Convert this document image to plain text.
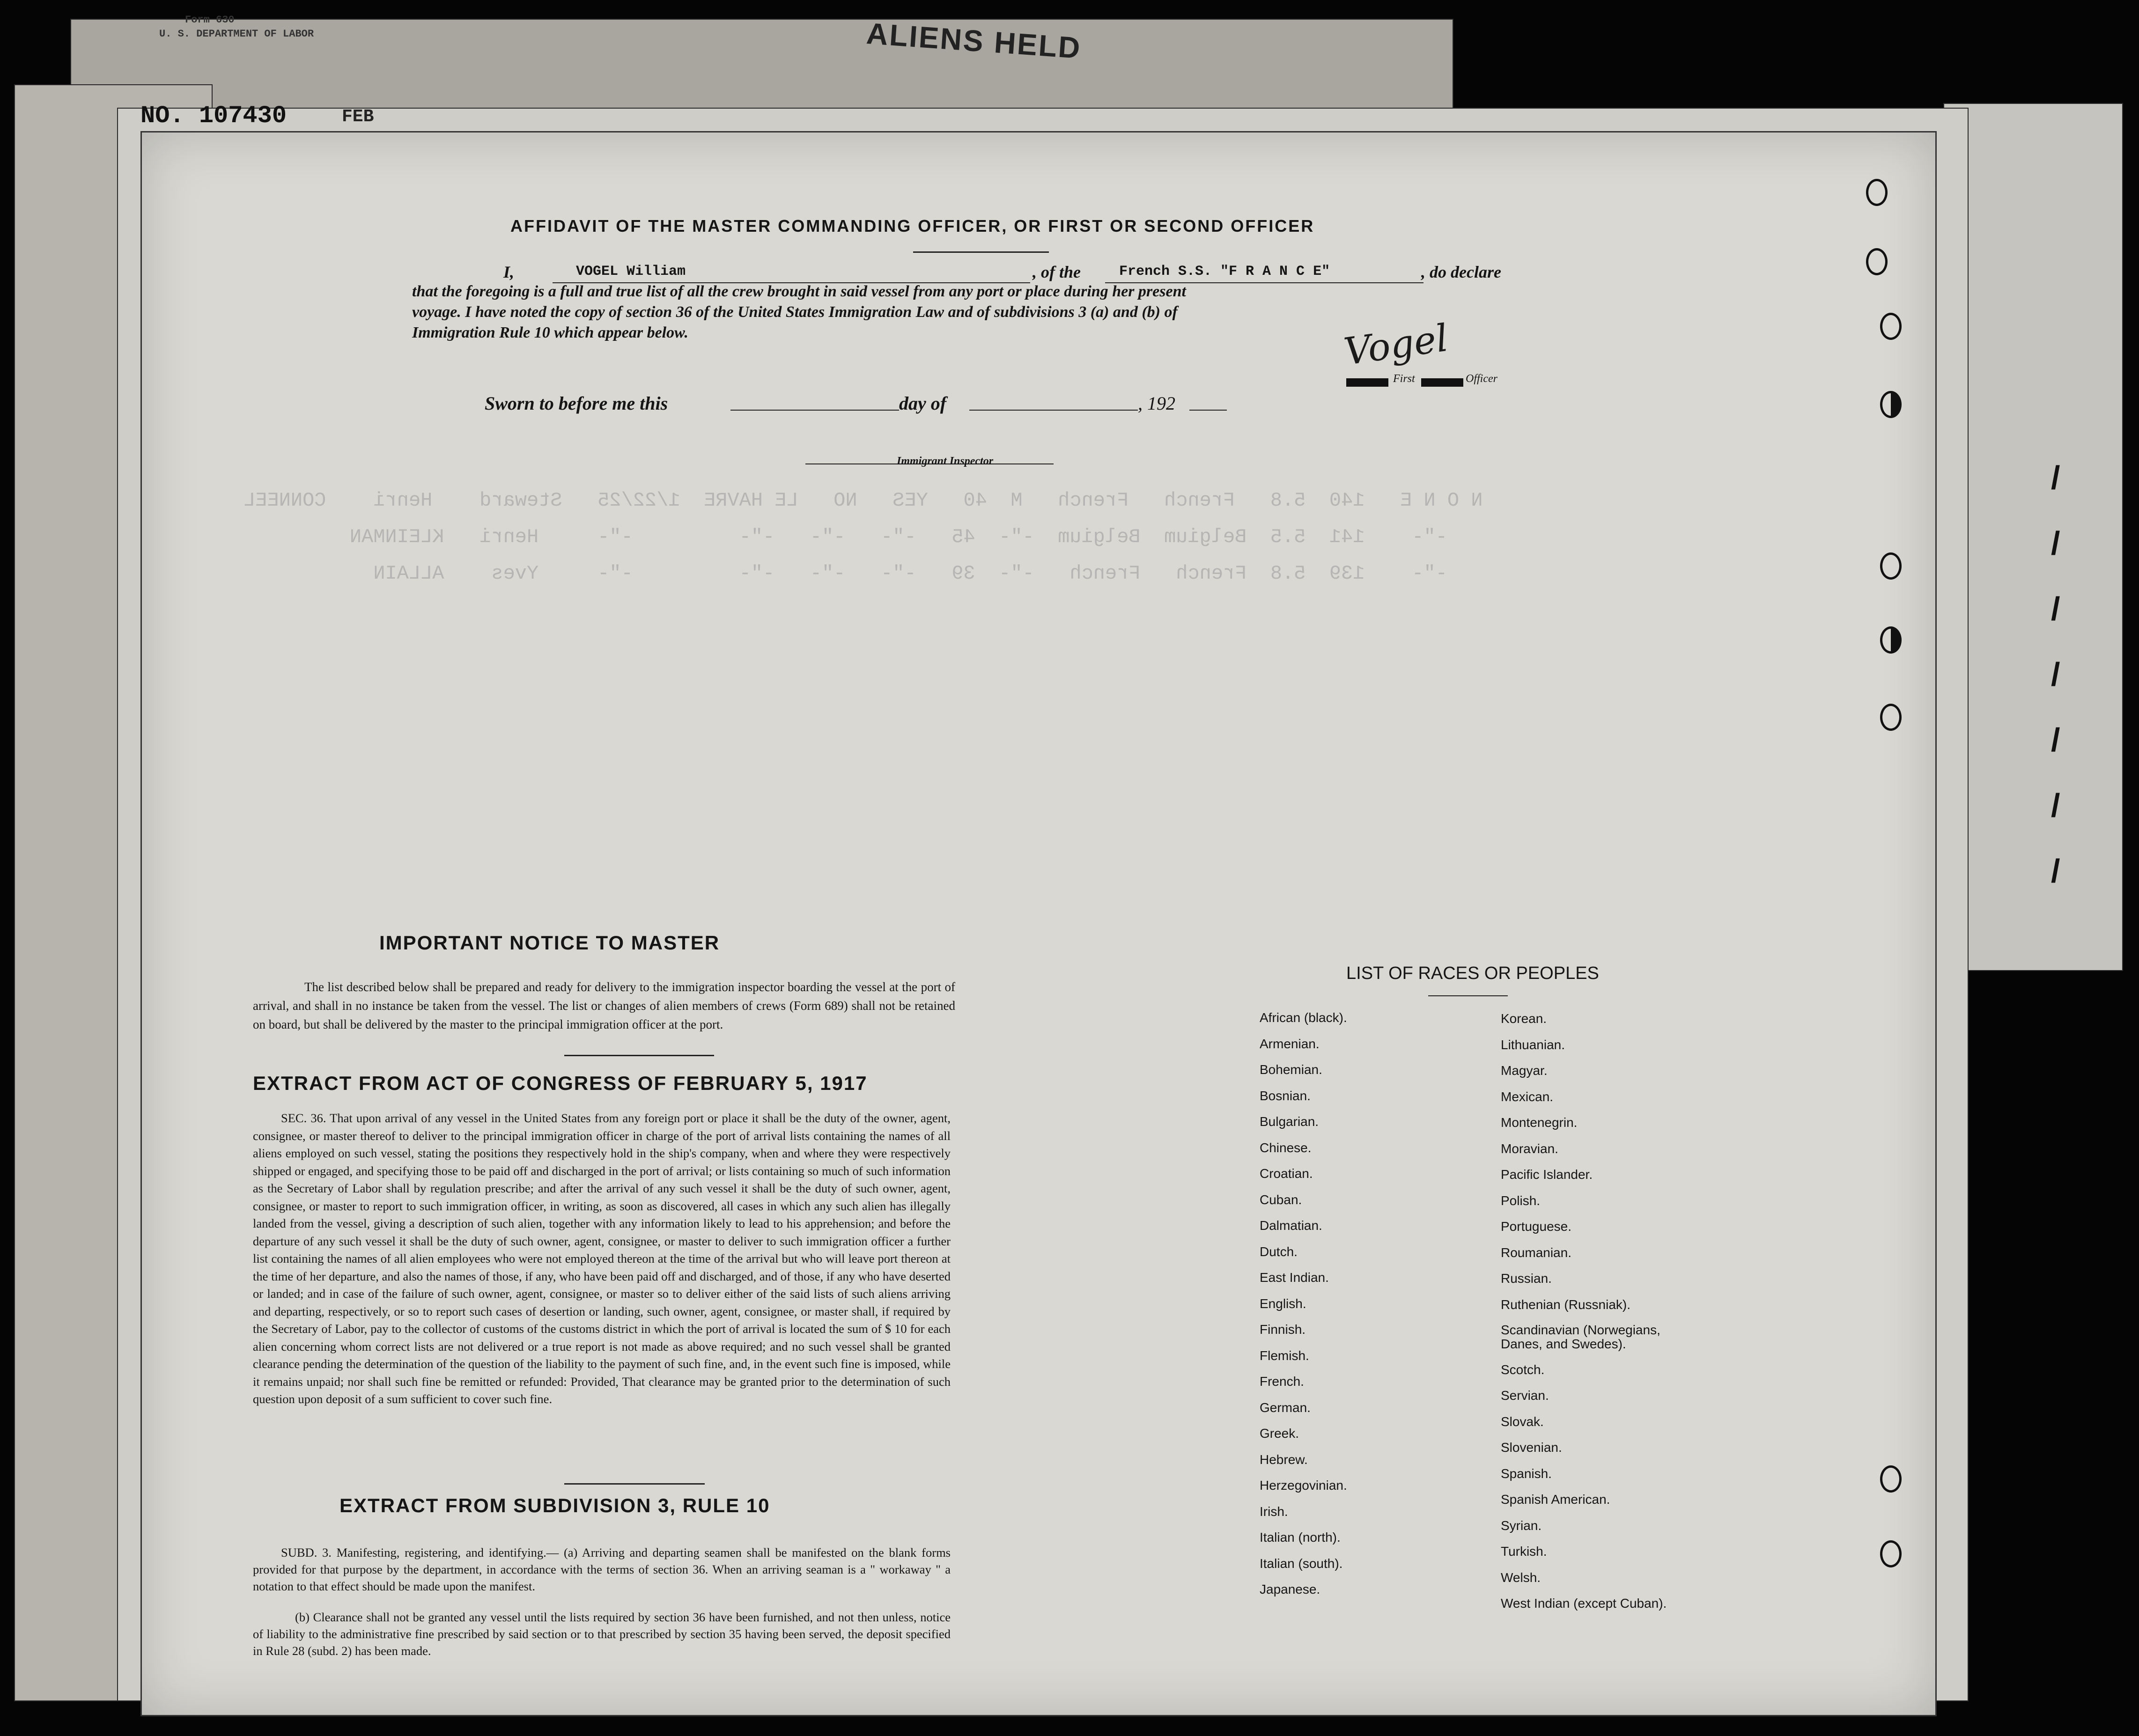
Form 630
U. S. DEPARTMENT OF LABOR
NO. 107430
ALIENS HELD
FEB
/
/
/
/
/
/
/
N O N E   140  5.8   French   French   M  40   YES   NO   LE HAVRE  1/22/25   Steward    Henri    CONNEEL
-"-    141  5.5  Belgium  Belgium  -"-  45   -"-   -"-   -"-         -"-     Henri   KLEINMAN
-"-    139  5.8  French   French   -"-  39   -"-   -"-   -"-         -"-     Yves    ALLAIN
AFFIDAVIT OF THE MASTER COMMANDING OFFICER, OR FIRST OR SECOND OFFICER
I,	VOGEL William	, of the	French S.S. "F R A N C E"	, do declare
that the foregoing is a full and true list of all the crew brought in said vessel from any port or place during her present
voyage. I have noted the copy of section 36 of the United States Immigration Law and of subdivisions 3 (a) and (b) of
Immigration Rule 10 which appear below.	Vogel
First	Officer
Sworn to before me this	day of	, 192
Immigrant Inspector
IMPORTANT NOTICE TO MASTER
The list described below shall be prepared and ready for delivery to the immigration inspector boarding the vessel at the port of arrival, and shall in no instance be taken from the vessel. The list or changes of alien members of crews (Form 689) shall not be retained on board, but shall be delivered by the master to the principal immigration officer at the port.
EXTRACT FROM ACT OF CONGRESS OF FEBRUARY 5, 1917
SEC. 36. That upon arrival of any vessel in the United States from any foreign port or place it shall be the duty of the owner, agent, consignee, or master thereof to deliver to the principal immigration officer in charge of the port of arrival lists containing the names of all aliens employed on such vessel, stating the positions they respectively hold in the ship's company, when and where they were respectively shipped or engaged, and specifying those to be paid off and discharged in the port of arrival; or lists containing so much of such information as the Secretary of Labor shall by regulation prescribe; and after the arrival of any such vessel it shall be the duty of such owner, agent, consignee, or master to report to such immigration officer, in writing, as soon as discovered, all cases in which any such alien has illegally landed from the vessel, giving a description of such alien, together with any information likely to lead to his apprehension; and before the departure of any such vessel it shall be the duty of such owner, agent, consignee, or master to deliver to such immigration officer a further list containing the names of all alien employees who were not employed thereon at the time of the arrival but who will leave port thereon at the time of her departure, and also the names of those, if any, who have been paid off and discharged, and of those, if any who have deserted or landed; and in case of the failure of such owner, agent, consignee, or master so to deliver either of the said lists of such aliens arriving and departing, respectively, or so to report such cases of desertion or landing, such owner, agent, consignee, or master shall, if required by the Secretary of Labor, pay to the collector of customs of the customs district in which the port of arrival is located the sum of $ 10 for each alien concerning whom correct lists are not delivered or a true report is not made as above required; and no such vessel shall be granted clearance pending the determination of the question of the liability to the payment of such fine, and, in the event such fine is imposed, while it remains unpaid; nor shall such fine be remitted or refunded: Provided, That clearance may be granted prior to the determination of such question upon deposit of a sum sufficient to cover such fine.
EXTRACT FROM SUBDIVISION 3, RULE 10
SUBD. 3. Manifesting, registering, and identifying.— (a) Arriving and departing seamen shall be manifested on the blank forms provided for that purpose by the department, in accordance with the terms of section 36. When an arriving seaman is a " workaway " a notation to that effect should be made upon the manifest.
(b) Clearance shall not be granted any vessel until the lists required by section 36 have been furnished, and not then unless, notice of liability to the administrative fine prescribed by said section or to that prescribed by section 35 having been served, the deposit specified in Rule 28 (subd. 2) has been made.
LIST OF RACES OR PEOPLES
African (black).
Armenian.
Bohemian.
Bosnian.
Bulgarian.
Chinese.
Croatian.
Cuban.
Dalmatian.
Dutch.
East Indian.
English.
Finnish.
Flemish.
French.
German.
Greek.
Hebrew.
Herzegovinian.
Irish.
Italian (north).
Italian (south).
Japanese.
Korean.
Lithuanian.
Magyar.
Mexican.
Montenegrin.
Moravian.
Pacific Islander.
Polish.
Portuguese.
Roumanian.
Russian.
Ruthenian (Russniak).
Scandinavian (Norwegians, Danes, and Swedes).
Scotch.
Servian.
Slovak.
Slovenian.
Spanish.
Spanish American.
Syrian.
Turkish.
Welsh.
West Indian (except Cuban).
